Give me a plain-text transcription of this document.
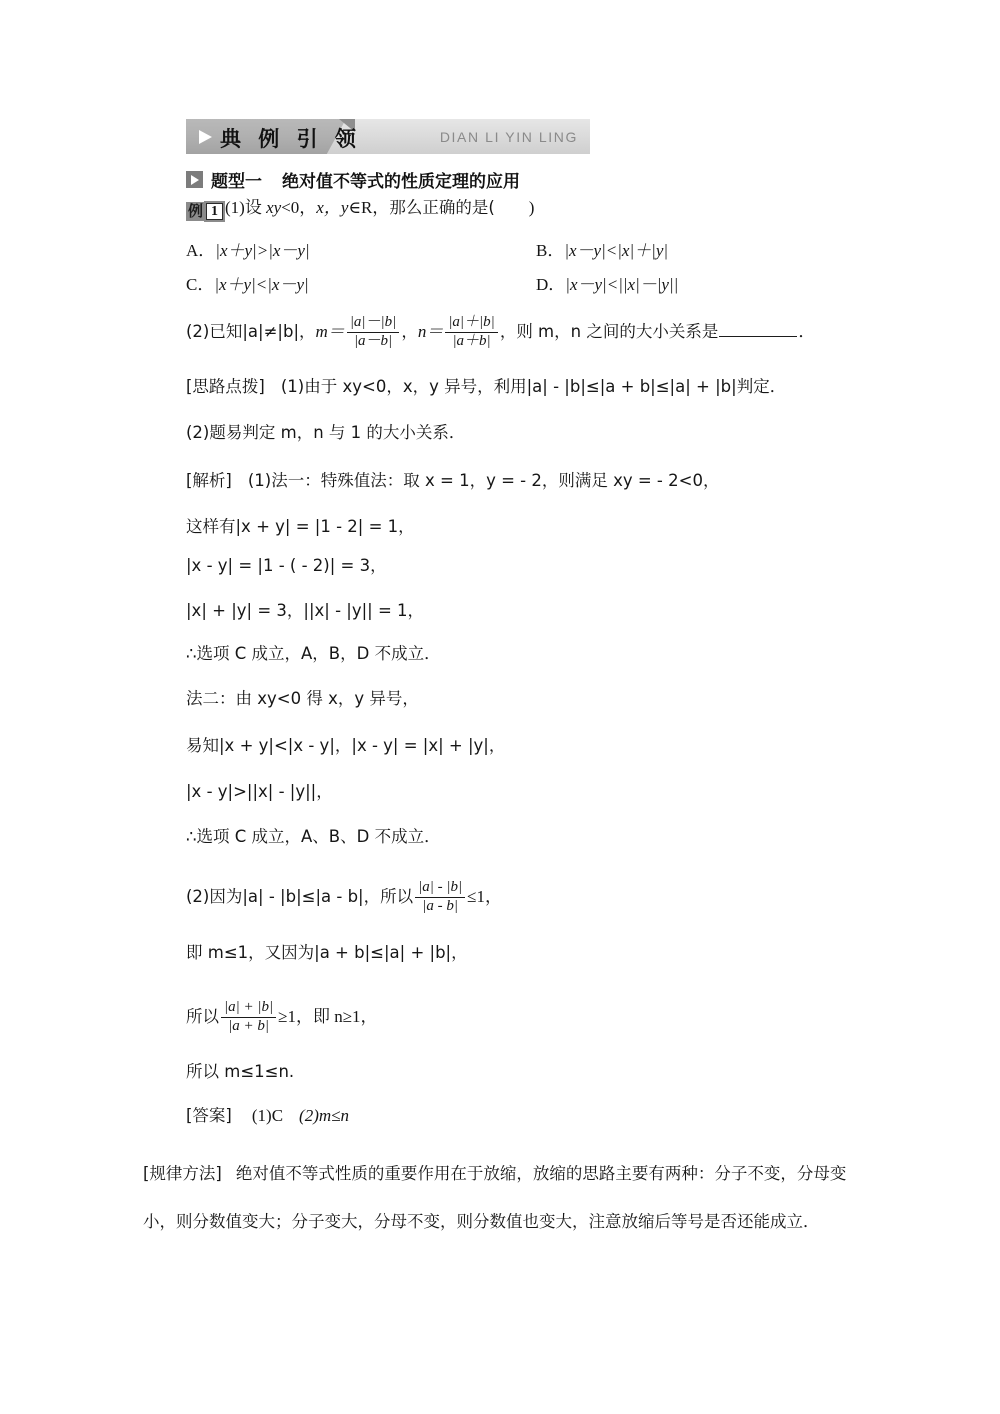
典 例 引 领	DIAN LI YIN LING
题型一 绝对值不等式的性质定理的应用
例 1 (1)设 xy<0，x，y∈R，那么正确的是( )
A．|x＋y|>|x－y|	B．|x－y|<|x|＋|y|
C．|x＋y|<|x－y|	D．|x－y|<||x|－|y||
(2)已知|a|≠|b|，$m= \frac{|a|-|b|}{|a-b|}$ ，$n= \frac{|a|+|b|}{|a+b|}$ ，则 m，n 之间的大小关系是	．
[思路点拨] (1)由于 xy<0，x，y 异号，利用|a| - |b|≤|a + b|≤|a| + |b|判定．
(2)题易判定 m，n 与 1 的大小关系．
[解析] (1)法一：特殊值法：取 x = 1，y = - 2，则满足 xy = - 2<0，
这样有|x + y| = |1 - 2| = 1，
|x - y| = |1 - ( - 2)| = 3，
|x| + |y| = 3，||x| - |y|| = 1，
∴选项 C 成立，A，B，D 不成立．
法二：由 xy<0 得 x，y 异号，
易知|x + y|<|x - y|，|x - y| = |x| + |y|，
|x - y|>||x| - |y||，
∴选项 C 成立，A、B、D 不成立．
(2)因为|a| - |b|≤|a - b|，所以 $\frac{|a| - |b|}{|a - b|} \le 1$，
即 m≤1，又因为|a + b|≤|a| + |b|，
所以 $\frac{|a| + |b|}{|a + b|} \ge 1$，即 n≥1，
所以 m≤1≤n.
[答案] (1)C (2)m≤n
[规律方法] 绝对值不等式性质的重要作用在于放缩，放缩的思路主要有两种：分子不变，分母变小，则分数值变大；分子变大，分母不变，则分数值也变大，注意放缩后等号是否还能成立．
